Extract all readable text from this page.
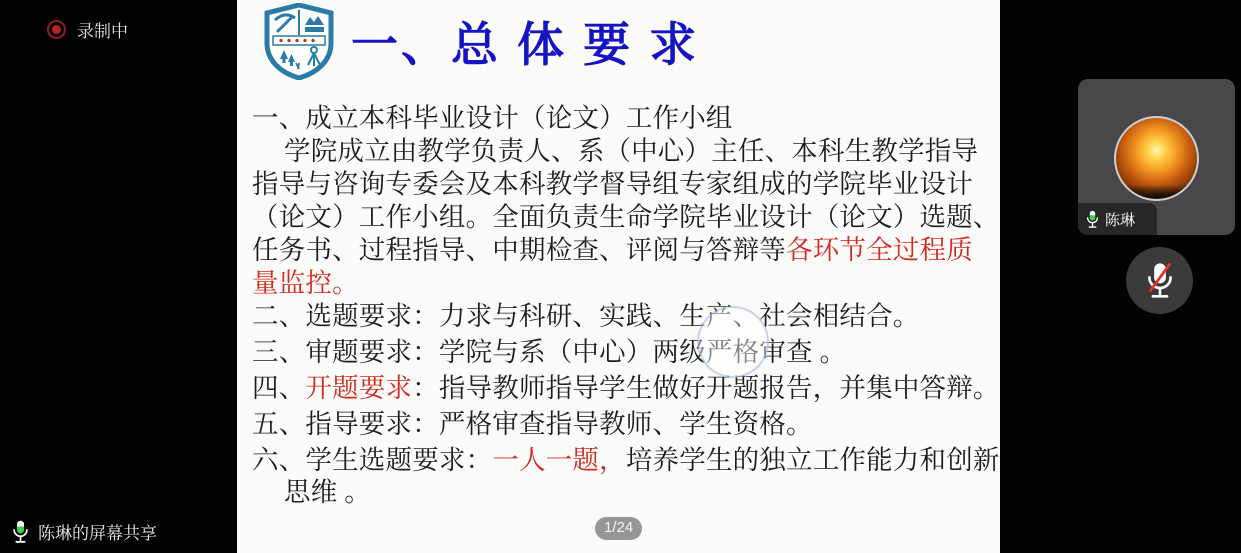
一、总 体 要 求
一、成立本科毕业设计（论文）工作小组
学院成立由教学负责人、系（中心）主任、本科生教学指导
指导与咨询专委会及本科教学督导组专家组成的学院毕业设计
（论文）工作小组。全面负责生命学院毕业设计（论文）选题、
任务书、过程指导、中期检查、评阅与答辩等各环节全过程质
量监控。
二、选题要求：力求与科研、实践、生产、社会相结合。
三、审题要求：学院与系（中心）两级严格审查 。
四、开题要求：指导教师指导学生做好开题报告，并集中答辩。
五、指导要求：严格审查指导教师、学生资格。
六、学生选题要求：一人一题，培养学生的独立工作能力和创新
思维 。
录制中
陈琳的屏幕共享	1/24
陈琳
